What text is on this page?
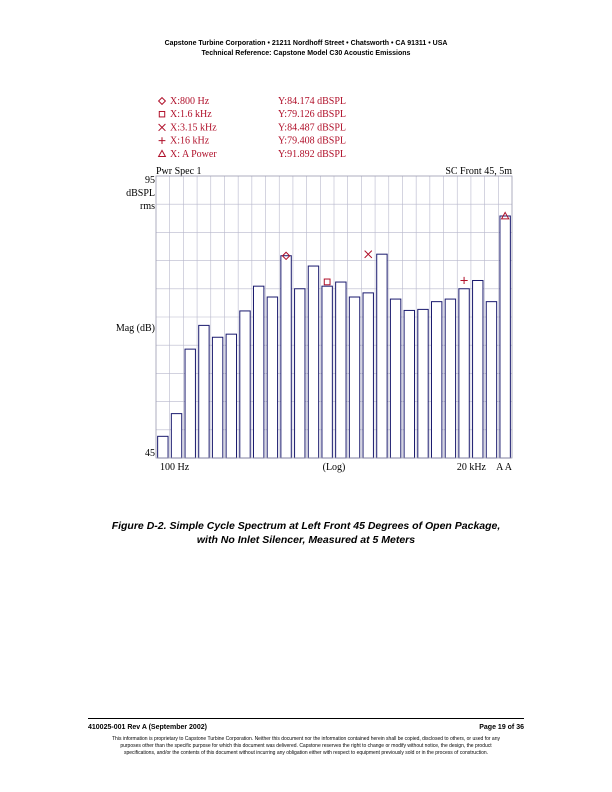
Capstone Turbine Corporation • 21211 Nordhoff Street • Chatsworth • CA 91311 • USA
Technical Reference: Capstone Model C30 Acoustic Emissions
X:800 Hz	Y:84.174 dBSPL
X:1.6 kHz	Y:79.126 dBSPL
X:3.15 kHz	Y:84.487 dBSPL
X:16 kHz	Y:79.408 dBSPL
X: A Power	Y:91.892 dBSPL
Pwr Spec 1	SC Front 45, 5m
95
45
dBSPL
rms
Mag (dB)
100 Hz	(Log)	20 kHz A A
Figure D-2. Simple Cycle Spectrum at Left Front 45 Degrees of Open Package,
with No Inlet Silencer, Measured at 5 Meters
410025-001 Rev A (September 2002)	Page 19 of 36
This information is proprietary to Capstone Turbine Corporation. Neither this document nor the information contained herein shall be copied, disclosed to others, or used for any
purposes other than the specific purpose for which this document was delivered. Capstone reserves the right to change or modify without notice, the design, the product
specifications, and/or the contents of this document without incurring any obligation either with respect to equipment previously sold or in the process of construction.
